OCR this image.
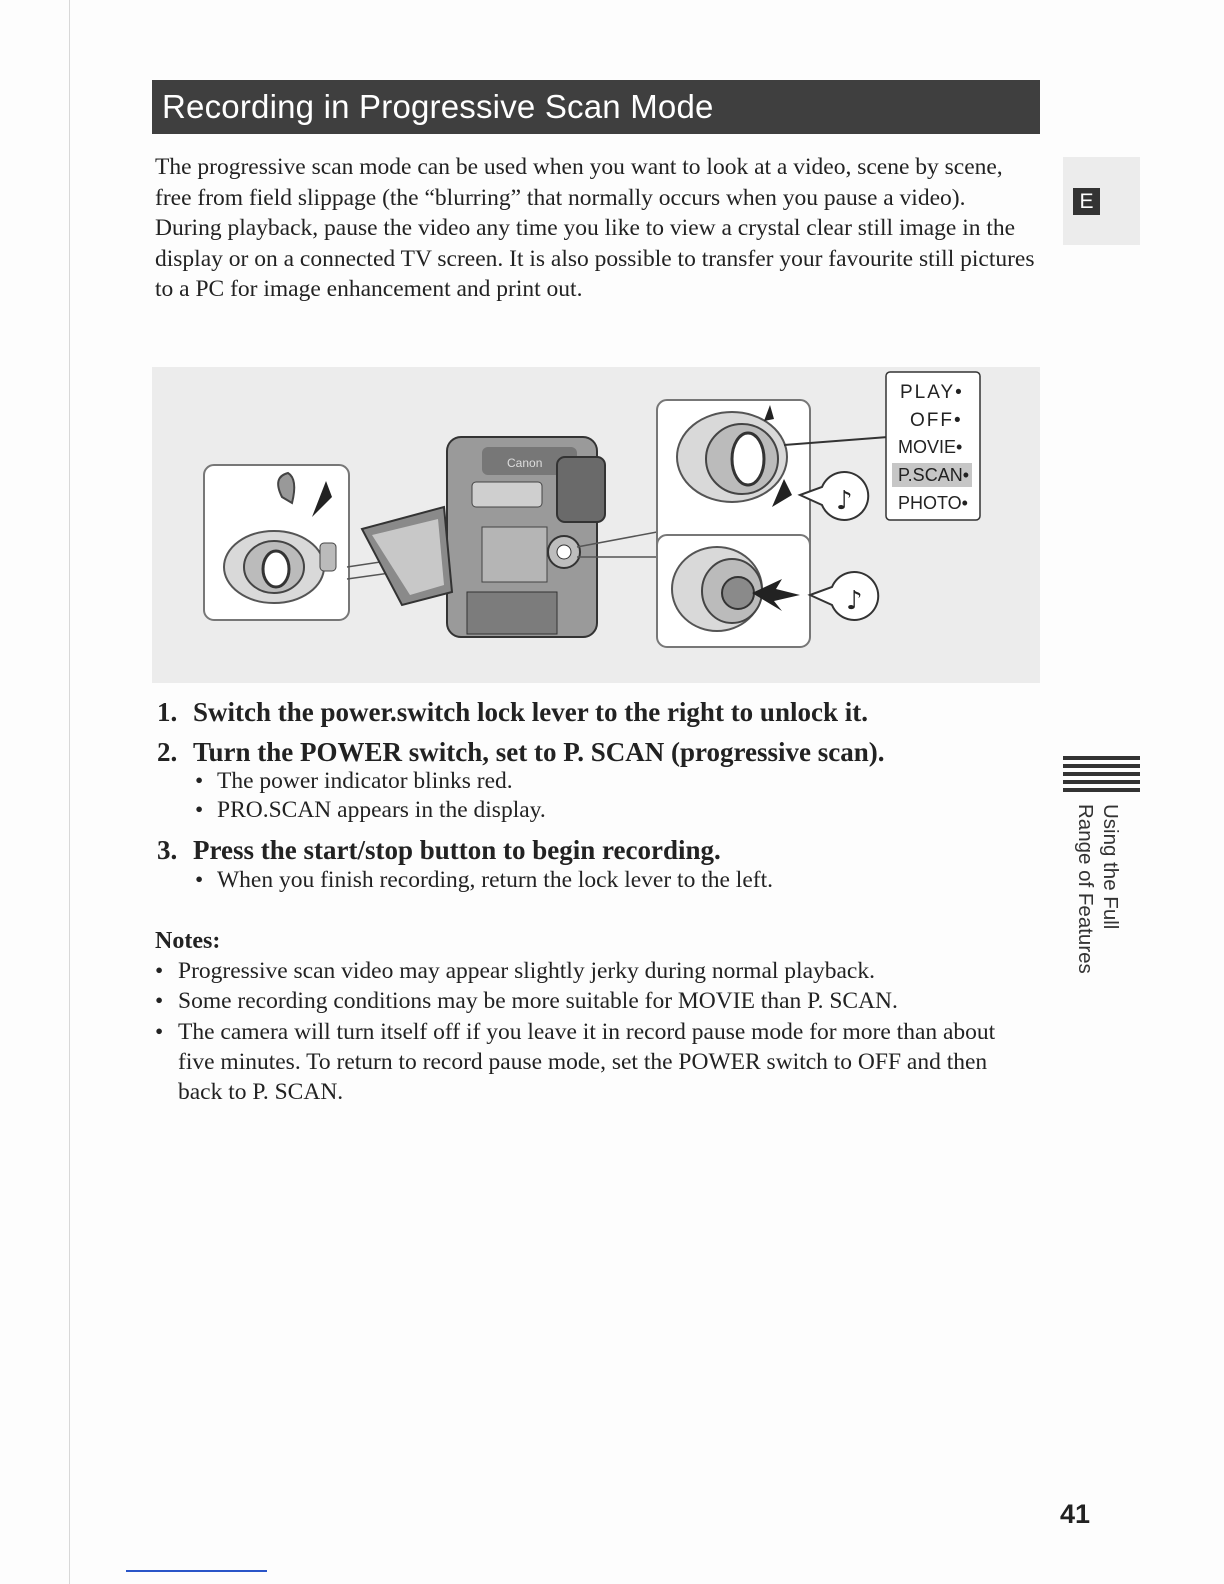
Recording in Progressive Scan Mode

The progressive scan mode can be used when you want to look at a video, scene by scene, free from field slippage (the “blurring” that normally occurs when you pause a video). During playback, pause the video any time you like to view a crystal clear still image in the display or on a connected TV screen. It is also possible to transfer your favourite still pictures to a PC for image enhancement and print out.

E
Canon
♪
♪
PLAY•
OFF•
MOVIE•
P.SCAN•
PHOTO•

1. Switch the power.switch lock lever to the right to unlock it.

2. Turn the POWER switch, set to P. SCAN (progressive scan).

• The power indicator blinks red.

• PRO.SCAN appears in the display.

3. Press the start/stop button to begin recording.

• When you finish recording, return the lock lever to the left.

Notes:

• Progressive scan video may appear slightly jerky during normal playback.
• Some recording conditions may be more suitable for MOVIE than P. SCAN.
• The camera will turn itself off if you leave it in record pause mode for more than about five minutes. To return to record pause mode, set the POWER switch to OFF and then back to P. SCAN.
Using the Full
Range of Features
41
